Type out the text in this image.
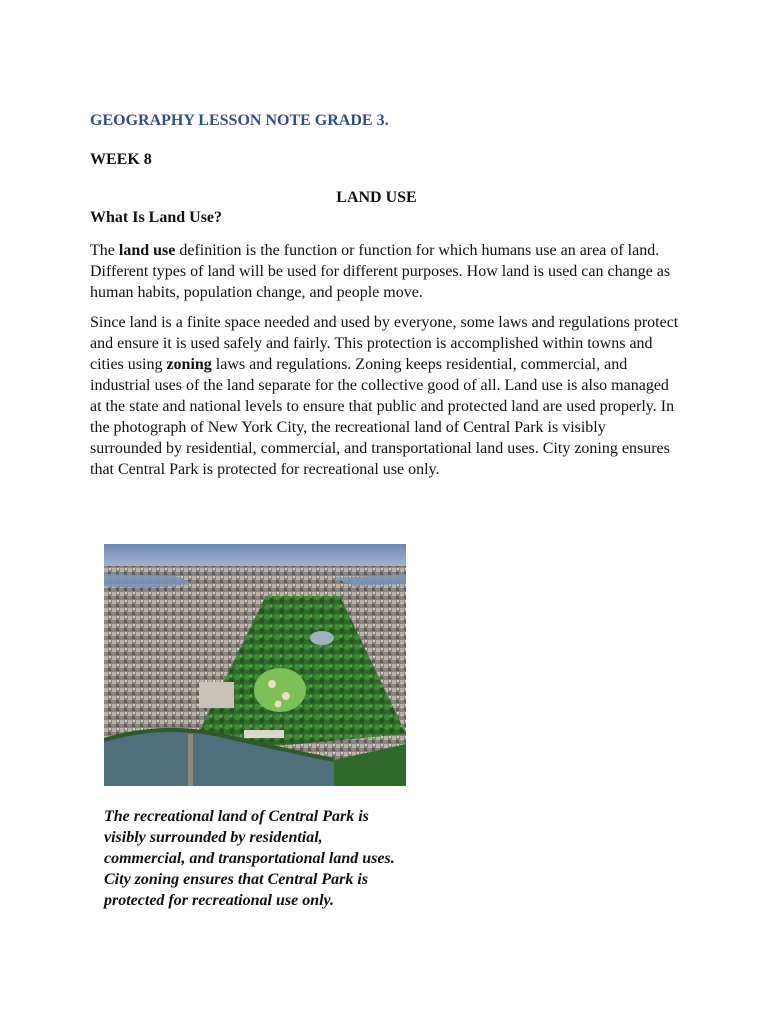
GEOGRAPHY LESSON NOTE GRADE 3.
WEEK 8
LAND USE
What Is Land Use?

The land use definition is the function or function for which humans use an area of land. Different types of land will be used for different purposes. How land is used can change as human habits, population change, and people move.

Since land is a finite space needed and used by everyone, some laws and regulations protect and ensure it is used safely and fairly. This protection is accomplished within towns and cities using zoning laws and regulations. Zoning keeps residential, commercial, and industrial uses of the land separate for the collective good of all. Land use is also managed at the state and national levels to ensure that public and protected land are used properly. In the photograph of New York City, the recreational land of Central Park is visibly surrounded by residential, commercial, and transportational land uses. City zoning ensures that Central Park is protected for recreational use only.

The recreational land of Central Park is visibly surrounded by residential, commercial, and transportational land uses. City zoning ensures that Central Park is protected for recreational use only.
